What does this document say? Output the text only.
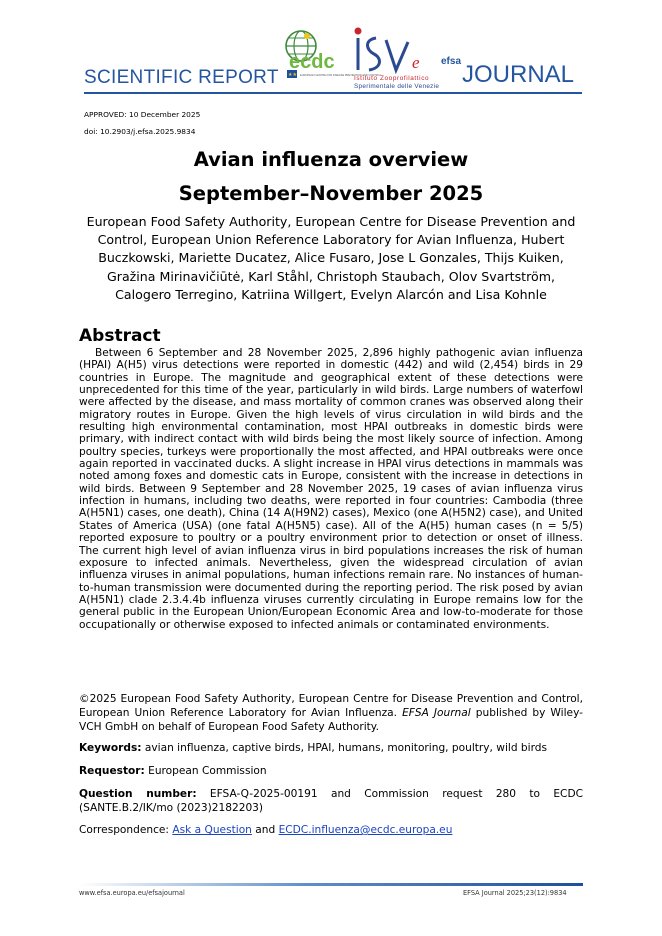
SCIENTIFIC REPORT ★★
ecdc
EUROPEAN CENTRE FOR DISEASE PREVENTION AND CONTROL
e
Istituto Zooprofilattico
Sperimentale delle Venezie
efsa JOURNAL
APPROVED: 10 December 2025
doi: 10.2903/j.efsa.2025.9834
Avian influenza overview
September–November 2025
European Food Safety Authority, European Centre for Disease Prevention and Control, European Union Reference Laboratory for Avian Influenza, Hubert Buczkowski, Mariette Ducatez, Alice Fusaro, Jose L Gonzales, Thijs Kuiken, Gražina Mirinavičiūtė, Karl Ståhl, Christoph Staubach, Olov Svartström, Calogero Terregino, Katriina Willgert, Evelyn Alarcón and Lisa Kohnle
Abstract

Between 6 September and 28 November 2025, 2,896 highly pathogenic avian influenza (HPAI) A(H5) virus detections were reported in domestic (442) and wild (2,454) birds in 29 countries in Europe. The magnitude and geographical extent of these detections were unprecedented for this time of the year, particularly in wild birds. Large numbers of waterfowl were affected by the disease, and mass mortality of common cranes was observed along their migratory routes in Europe. Given the high levels of virus circulation in wild birds and the resulting high environmental contamination, most HPAI outbreaks in domestic birds were primary, with indirect contact with wild birds being the most likely source of infection. Among poultry species, turkeys were proportionally the most affected, and HPAI outbreaks were once again reported in vaccinated ducks. A slight increase in HPAI virus detections in mammals was noted among foxes and domestic cats in Europe, consistent with the increase in detections in wild birds. Between 9 September and 28 November 2025, 19 cases of avian influenza virus infection in humans, including two deaths, were reported in four countries: Cambodia (three A(H5N1) cases, one death), China (14 A(H9N2) cases), Mexico (one A(H5N2) case), and United States of America (USA) (one fatal A(H5N5) case). All of the A(H5) human cases (n = 5/5) reported exposure to poultry or a poultry environment prior to detection or onset of illness. The current high level of avian influenza virus in bird populations increases the risk of human exposure to infected animals. Nevertheless, given the widespread circulation of avian influenza viruses in animal populations, human infections remain rare. No instances of human-to-human transmission were documented during the reporting period. The risk posed by avian A(H5N1) clade 2.3.4.4b influenza viruses currently circulating in Europe remains low for the general public in the European Union/European Economic Area and low-to-moderate for those occupationally or otherwise exposed to infected animals or contaminated environments.

©2025 European Food Safety Authority, European Centre for Disease Prevention and Control, European Union Reference Laboratory for Avian Influenza. EFSA Journal published by Wiley-VCH GmbH on behalf of European Food Safety Authority.

Keywords: avian influenza, captive birds, HPAI, humans, monitoring, poultry, wild birds

Requestor: European Commission

Question number: EFSA-Q-2025-00191 and Commission request 280 to ECDC (SANTE.B.2/IK/mo (2023)2182203)

Correspondence: Ask a Question and ECDC.influenza@ecdc.europa.eu

www.efsa.europa.eu/efsajournal	EFSA Journal 2025;23(12):9834
